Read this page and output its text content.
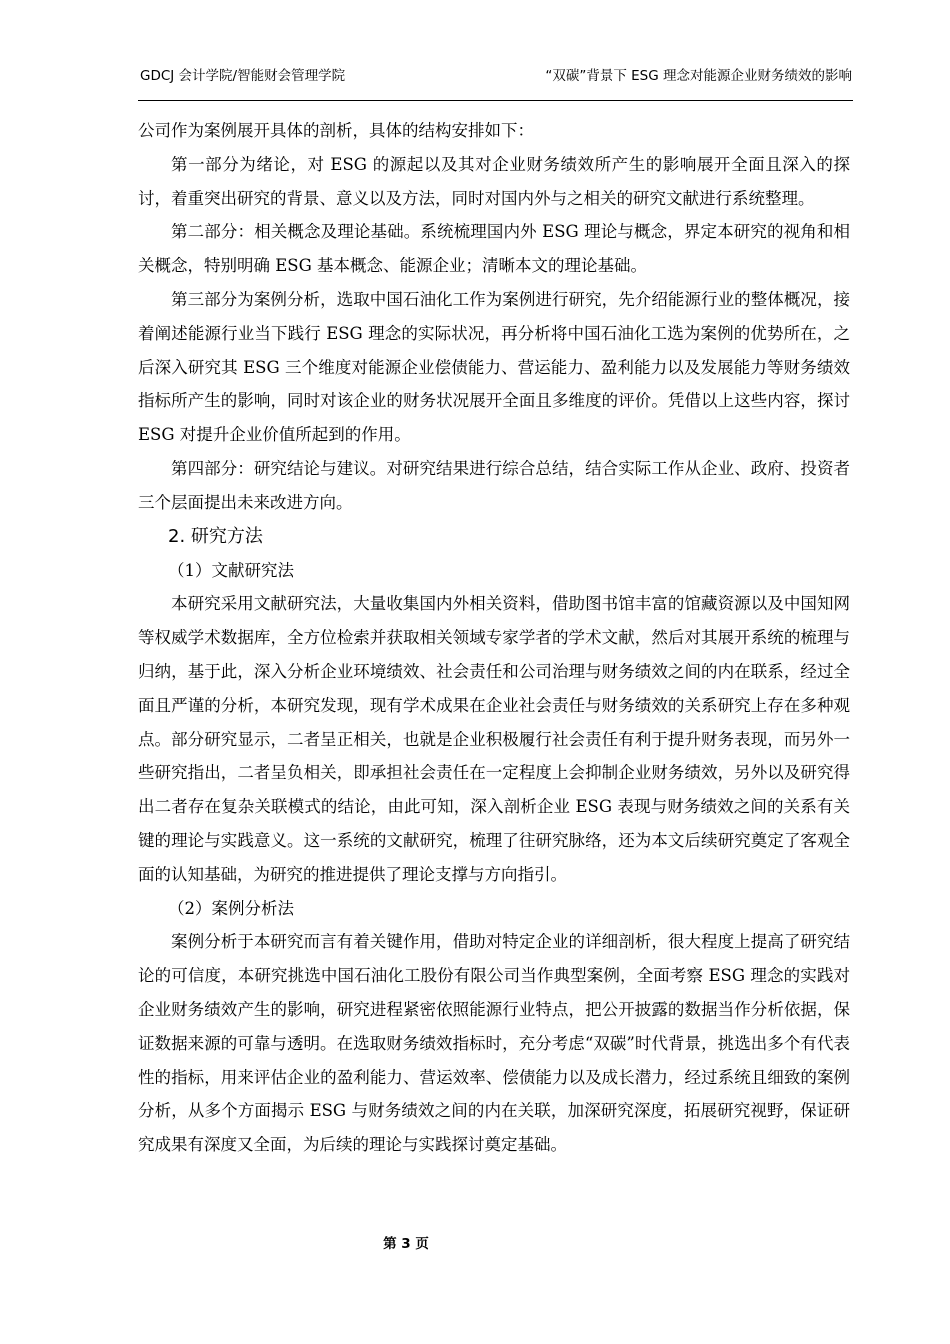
GDCJ 会计学院/智能财会管理学院	“双碳”背景下 ESG 理念对能源企业财务绩效的影响

公司作为案例展开具体的剖析，具体的结构安排如下：

第一部分为绪论，对 ESG 的源起以及其对企业财务绩效所产生的影响展开全面且深入的探讨，着重突出研究的背景、意义以及方法，同时对国内外与之相关的研究文献进行系统整理。

第二部分：相关概念及理论基础。系统梳理国内外 ESG 理论与概念，界定本研究的视角和相关概念，特别明确 ESG 基本概念、能源企业；清晰本文的理论基础。

第三部分为案例分析，选取中国石油化工作为案例进行研究，先介绍能源行业的整体概况，接着阐述能源行业当下践行 ESG 理念的实际状况，再分析将中国石油化工选为案例的优势所在，之后深入研究其 ESG 三个维度对能源企业偿债能力、营运能力、盈利能力以及发展能力等财务绩效指标所产生的影响，同时对该企业的财务状况展开全面且多维度的评价。凭借以上这些内容，探讨 ESG 对提升企业价值所起到的作用。

第四部分：研究结论与建议。对研究结果进行综合总结，结合实际工作从企业、政府、投资者三个层面提出未来改进方向。

2. 研究方法

（1）文献研究法

本研究采用文献研究法，大量收集国内外相关资料，借助图书馆丰富的馆藏资源以及中国知网等权威学术数据库，全方位检索并获取相关领域专家学者的学术文献，然后对其展开系统的梳理与归纳，基于此，深入分析企业环境绩效、社会责任和公司治理与财务绩效之间的内在联系，经过全面且严谨的分析，本研究发现，现有学术成果在企业社会责任与财务绩效的关系研究上存在多种观点。部分研究显示，二者呈正相关，也就是企业积极履行社会责任有利于提升财务表现，而另外一些研究指出，二者呈负相关，即承担社会责任在一定程度上会抑制企业财务绩效，另外以及研究得出二者存在复杂关联模式的结论，由此可知，深入剖析企业 ESG 表现与财务绩效之间的关系有关键的理论与实践意义。这一系统的文献研究，梳理了往研究脉络，还为本文后续研究奠定了客观全面的认知基础，为研究的推进提供了理论支撑与方向指引。

（2）案例分析法

案例分析于本研究而言有着关键作用，借助对特定企业的详细剖析，很大程度上提高了研究结论的可信度，本研究挑选中国石油化工股份有限公司当作典型案例，全面考察 ESG 理念的实践对企业财务绩效产生的影响，研究进程紧密依照能源行业特点，把公开披露的数据当作分析依据，保证数据来源的可靠与透明。在选取财务绩效指标时，充分考虑“双碳”时代背景，挑选出多个有代表性的指标，用来评估企业的盈利能力、营运效率、偿债能力以及成长潜力，经过系统且细致的案例分析，从多个方面揭示 ESG 与财务绩效之间的内在关联，加深研究深度，拓展研究视野，保证研究成果有深度又全面，为后续的理论与实践探讨奠定基础。

第 3 页
